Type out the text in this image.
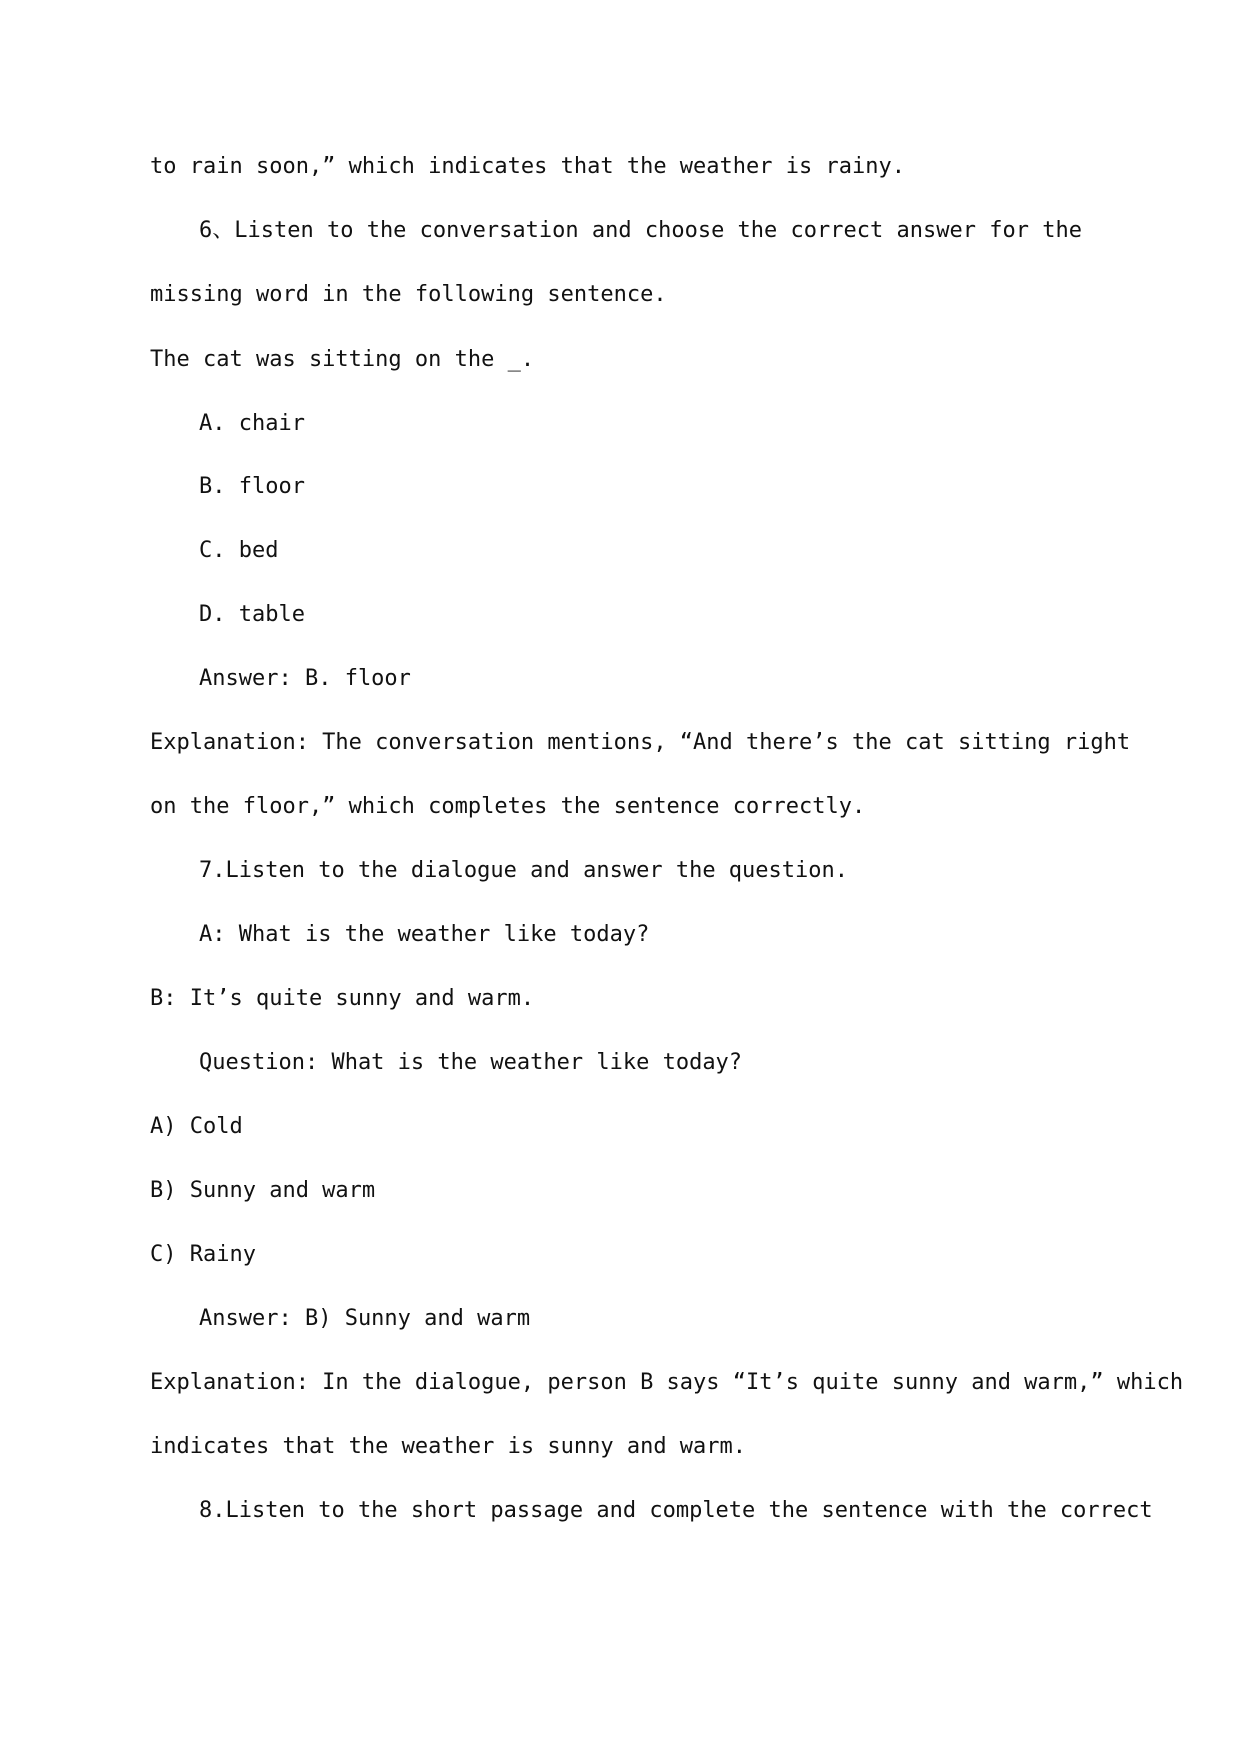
to rain soon,” which indicates that the weather is rainy.
6、Listen to the conversation and choose the correct answer for the
missing word in the following sentence.
The cat was sitting on the _.
A. chair
B. floor
C. bed
D. table
Answer: B. floor
Explanation: The conversation mentions, “And there’s the cat sitting right
on the floor,” which completes the sentence correctly.
7.Listen to the dialogue and answer the question.
A: What is the weather like today?
B: It’s quite sunny and warm.
Question: What is the weather like today?
A) Cold
B) Sunny and warm
C) Rainy
Answer: B) Sunny and warm
Explanation: In the dialogue, person B says “It’s quite sunny and warm,” which
indicates that the weather is sunny and warm.
8.Listen to the short passage and complete the sentence with the correct
